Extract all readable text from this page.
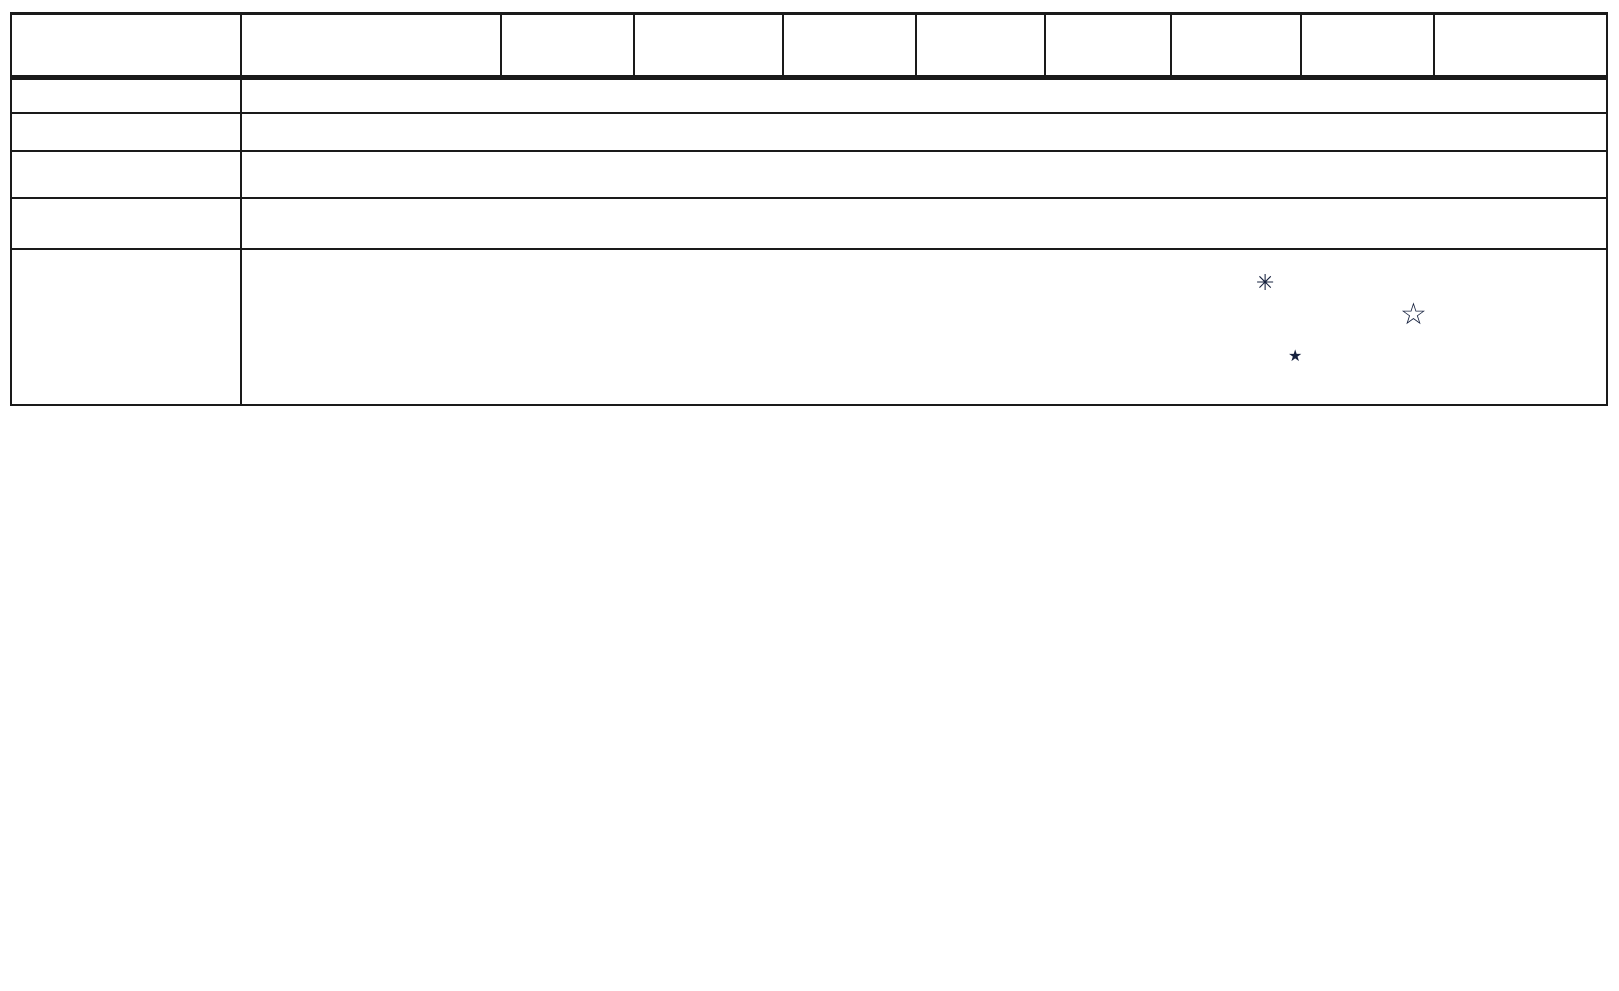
	✳
☆
★
